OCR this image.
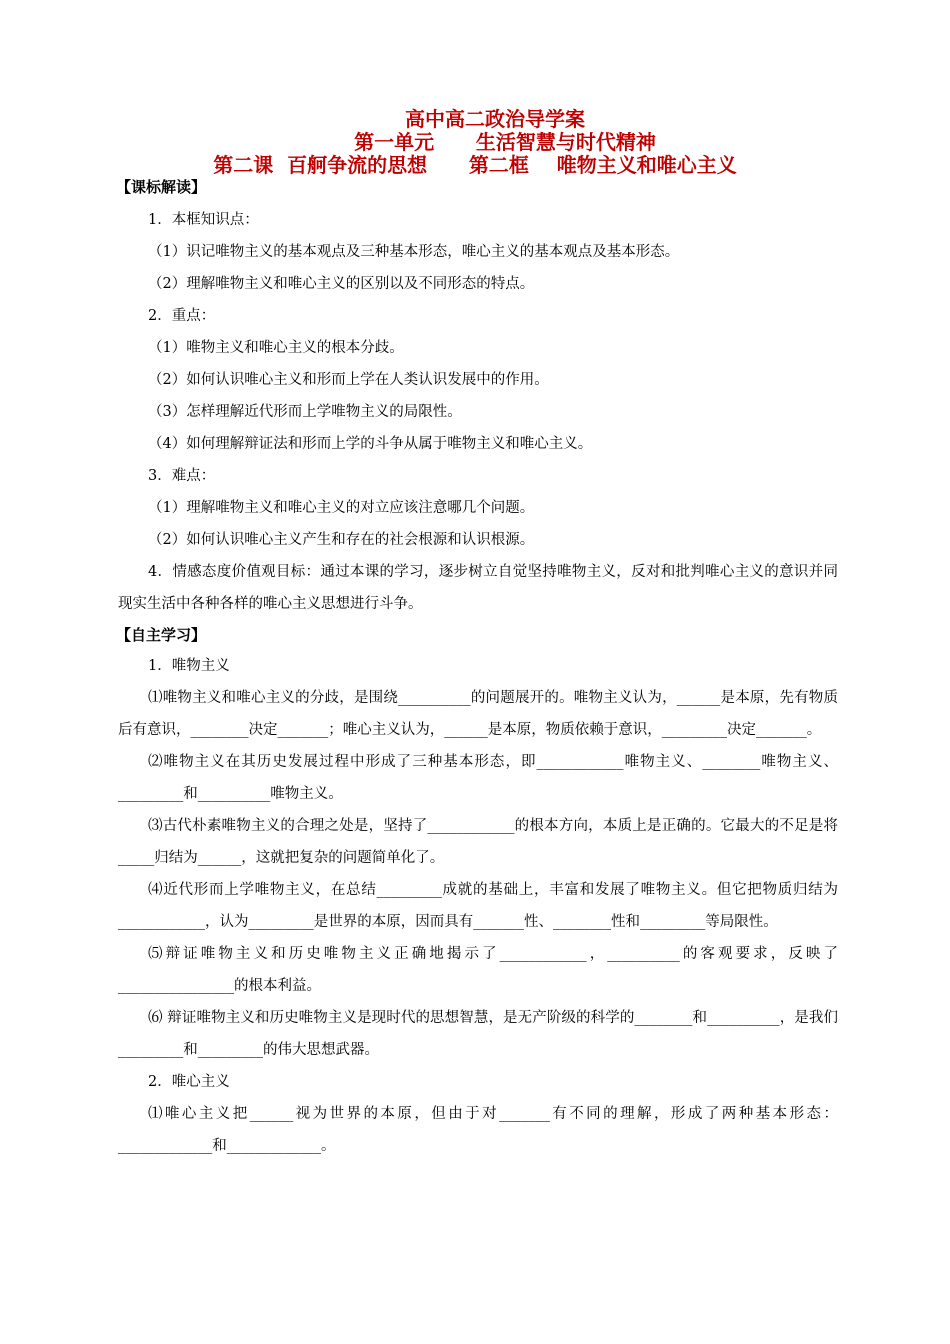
高中高二政治导学案
第一单元      生活智慧与时代精神
第二课  百舸争流的思想      第二框    唯物主义和唯心主义
【课标解读】

1．本框知识点：

（1）识记唯物主义的基本观点及三种基本形态，唯心主义的基本观点及基本形态。

（2）理解唯物主义和唯心主义的区别以及不同形态的特点。

2．重点：

（1）唯物主义和唯心主义的根本分歧。

（2）如何认识唯心主义和形而上学在人类认识发展中的作用。

（3）怎样理解近代形而上学唯物主义的局限性。

（4）如何理解辩证法和形而上学的斗争从属于唯物主义和唯心主义。

3．难点：

（1）理解唯物主义和唯心主义的对立应该注意哪几个问题。

（2）如何认识唯心主义产生和存在的社会根源和认识根源。

4．情感态度价值观目标：通过本课的学习，逐步树立自觉坚持唯物主义，反对和批判唯心主义的意识并同现实生活中各种各样的唯心主义思想进行斗争。

【自主学习】

1．唯物主义

⑴唯物主义和唯心主义的分歧，是围绕__________的问题展开的。唯物主义认为，______是本原，先有物质后有意识，________决定_______；唯心主义认为，______是本原，物质依赖于意识，_________决定_______。

⑵唯物主义在其历史发展过程中形成了三种基本形态，即____________唯物主义、________唯物主义、_________和__________唯物主义。

⑶古代朴素唯物主义的合理之处是，坚持了____________的根本方向，本质上是正确的。它最大的不足是将_____归结为______，这就把复杂的问题简单化了。

⑷近代形而上学唯物主义，在总结_________成就的基础上，丰富和发展了唯物主义。但它把物质归结为____________，认为_________是世界的本原，因而具有_______性、________性和_________等局限性。

⑸辩证唯物主义和历史唯物主义正确地揭示了____________，__________的客观要求，反映了________________的根本利益。

⑹ 辩证唯物主义和历史唯物主义是现时代的思想智慧，是无产阶级的科学的________和__________，是我们_________和_________的伟大思想武器。

2．唯心主义

⑴唯心主义把______视为世界的本原，但由于对_______有不同的理解，形成了两种基本形态：_____________和_____________。
